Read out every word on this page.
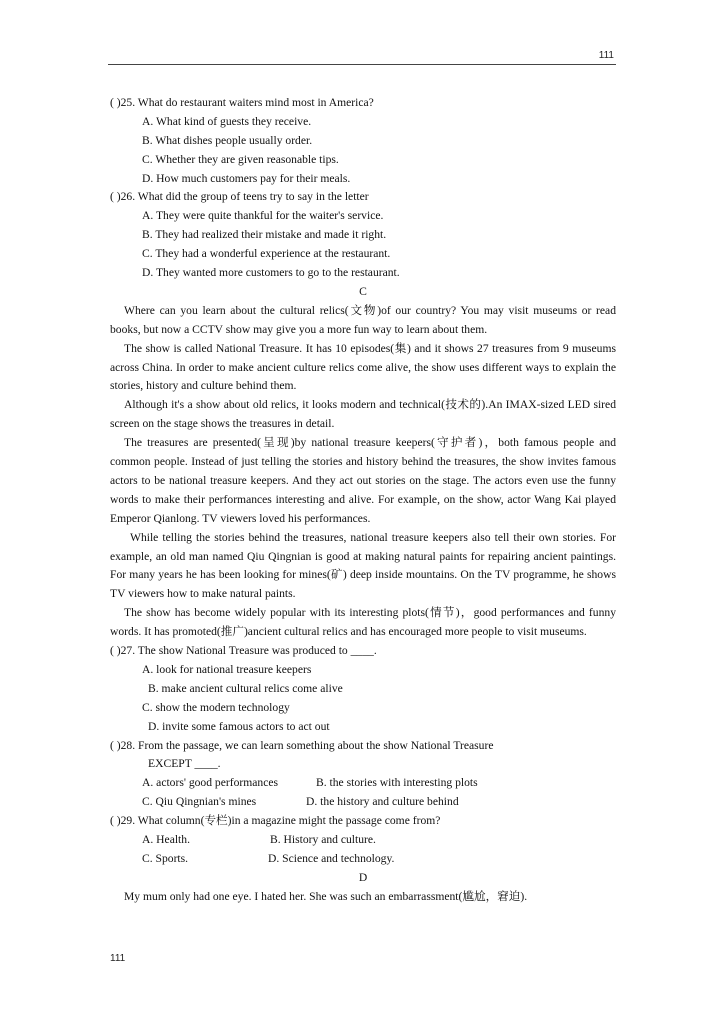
111
( )25. What do restaurant waiters mind most in America?
A. What kind of guests they receive.
B. What dishes people usually order.
C. Whether they are given reasonable tips.
D. How much customers pay for their meals.
( )26. What did the group of teens try to say in the letter
A. They were quite thankful for the waiter's service.
B. They had realized their mistake and made it right.
C. They had a wonderful experience at the restaurant.
D. They wanted more customers to go to the restaurant.
C
Where can you learn about the cultural relics(文物)of our country? You may visit museums or read books, but now a CCTV show may give you a more fun way to learn about them.
The show is called National Treasure. It has 10 episodes(集) and it shows 27 treasures from 9 museums across China. In order to make ancient culture relics come alive, the show uses different ways to explain the stories, history and culture behind them.
Although it's a show about old relics, it looks modern and technical(技术的).An IMAX-sized LED sired screen on the stage shows the treasures in detail.
The treasures are presented(呈现)by national treasure keepers(守护者)，both famous people and common people. Instead of just telling the stories and history behind the treasures, the show invites famous actors to be national treasure keepers. And they act out stories on the stage. The actors even use the funny words to make their performances interesting and alive. For example, on the show, actor Wang Kai played Emperor Qianlong. TV viewers loved his performances.
While telling the stories behind the treasures, national treasure keepers also tell their own stories. For example, an old man named Qiu Qingnian is good at making natural paints for repairing ancient paintings. For many years he has been looking for mines(矿) deep inside mountains. On the TV programme, he shows TV viewers how to make natural paints.
The show has become widely popular with its interesting plots(情节)，good performances and funny words. It has promoted(推广)ancient cultural relics and has encouraged more people to visit museums.
( )27. The show National Treasure was produced to ____.
A. look for national treasure keepers
B. make ancient cultural relics come alive
C. show the modern technology
D. invite some famous actors to act out
( )28. From the passage, we can learn something about the show National Treasure
EXCEPT ____.
A. actors' good performances	B. the stories with interesting plots
C. Qiu Qingnian's mines	D. the history and culture behind
( )29. What column(专栏)in a magazine might the passage come from?
A. Health.	B. History and culture.
C. Sports.	D. Science and technology.
D
My mum only had one eye. I hated her. She was such an embarrassment(尴尬，窘迫).
111
